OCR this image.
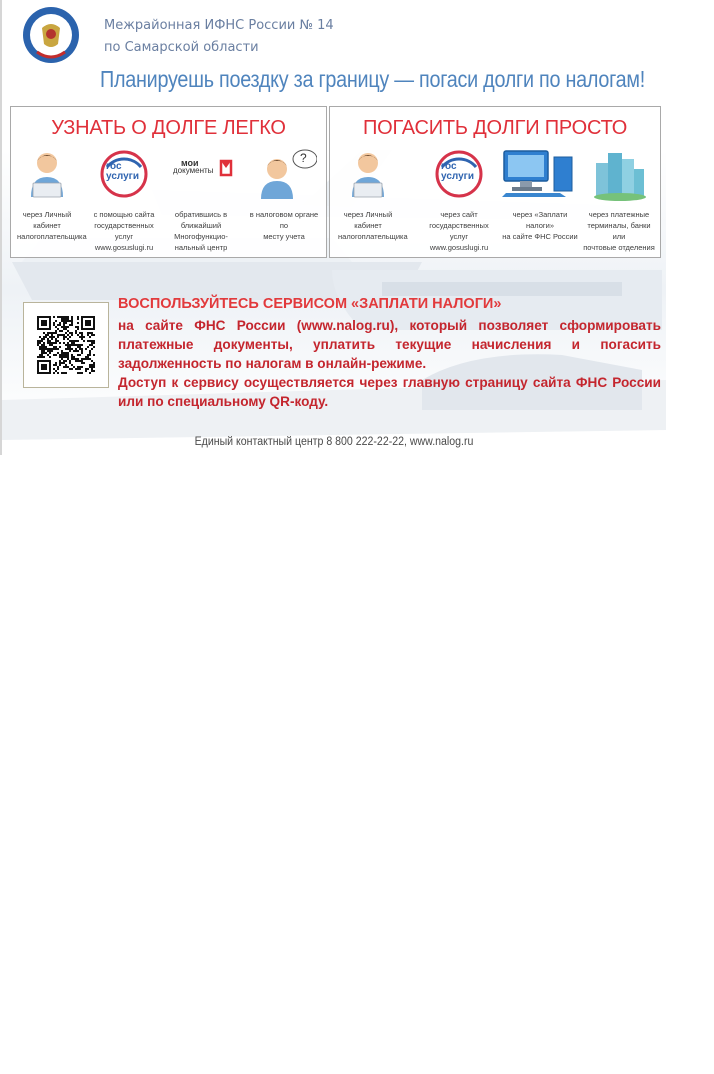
Межрайонная ИФНС России № 14
по Самарской области
Планируешь поездку за границу — погаси долги по налогам!
УЗНАТЬ О ДОЛГЕ ЛЕГКО
через Личный
кабинет
налогоплательщика
гос
услуги
с помощью сайта
государственных
услуг
www.gosuslugi.ru
мои
документы
обратившись в
ближайший
Многофункцио-
нальный центр
?
в налоговом органе по
месту учета
ПОГАСИТЬ ДОЛГИ ПРОСТО
через Личный
кабинет
налогоплательщика
гос
услуги
через сайт
государственных услуг
www.gosuslugi.ru
через «Заплати налоги»
на сайте ФНС России
через платежные
терминалы, банки или
почтовые отделения
ВОСПОЛЬЗУЙТЕСЬ СЕРВИСОМ «ЗАПЛАТИ НАЛОГИ»

на сайте ФНС России (www.nalog.ru), который позволяет сформировать платежные документы, уплатить текущие начисления и погасить задолженность по налогам в онлайн-режиме.

Доступ к сервису осуществляется через главную страницу сайта ФНС России или по специальному QR-коду.

Единый контактный центр 8 800 222-22-22, www.nalog.ru
